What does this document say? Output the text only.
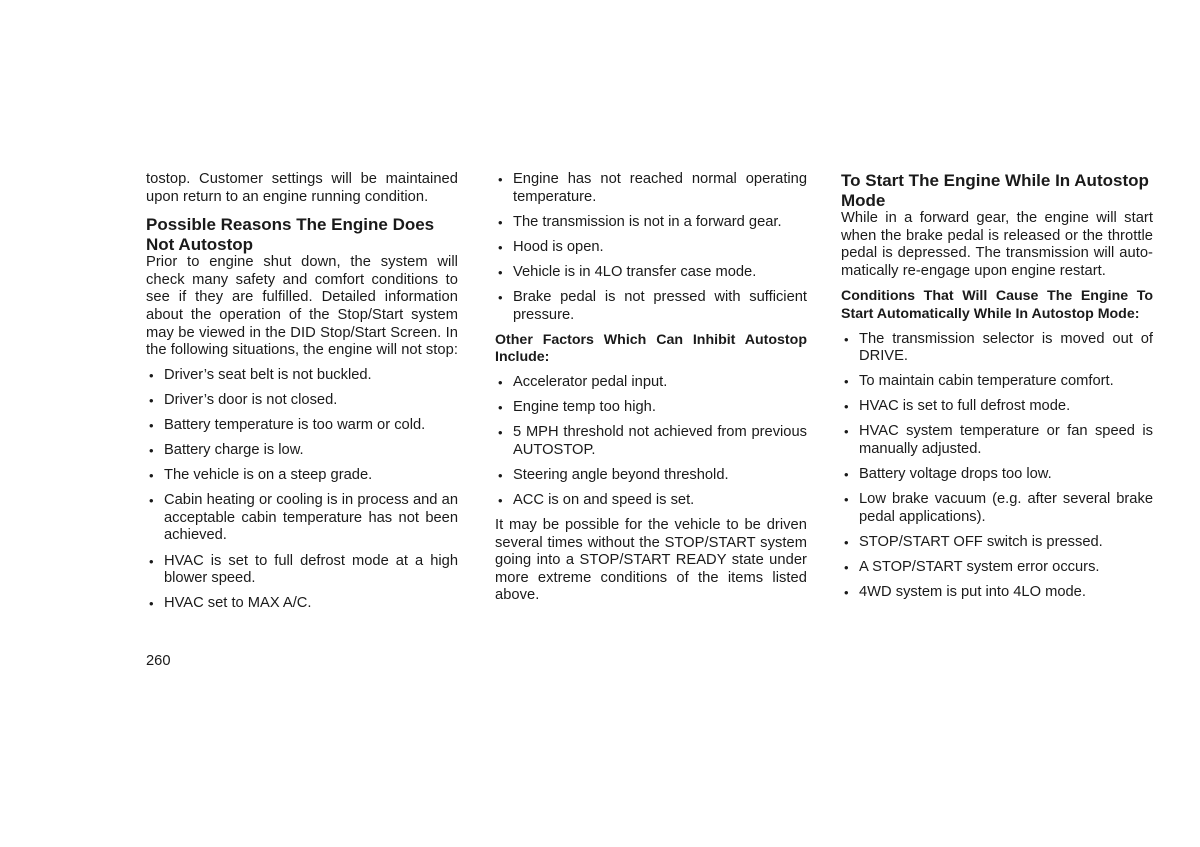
tostop. Customer settings will be maintained upon return to an engine running condition.

Possible Reasons The Engine Does Not Autostop

Prior to engine shut down, the system will check many safety and comfort conditions to see if they are fulfilled. Detailed information about the operation of the Stop/Start system may be viewed in the DID Stop/Start Screen. In the following situations, the engine will not stop:

• Driver’s seat belt is not buckled.
• Driver’s door is not closed.
• Battery temperature is too warm or cold.
• Battery charge is low.
• The vehicle is on a steep grade.
• Cabin heating or cooling is in process and an acceptable cabin temperature has not been achieved.
• HVAC is set to full defrost mode at a high blower speed.
• HVAC set to MAX A/C.
• Engine has not reached normal operating temperature.
• The transmission is not in a forward gear.
• Hood is open.
• Vehicle is in 4LO transfer case mode.
• Brake pedal is not pressed with sufficient pressure.
Other Factors Which Can Inhibit Autostop Include:
• Accelerator pedal input.
• Engine temp too high.
• 5 MPH threshold not achieved from previous AUTOSTOP.
• Steering angle beyond threshold.
• ACC is on and speed is set.

It may be possible for the vehicle to be driven several times without the STOP/START system going into a STOP/START READY state under more extreme conditions of the items listed above.

To Start The Engine While In Autostop Mode

While in a forward gear, the engine will start when the brake pedal is released or the throttle pedal is depressed. The transmission will auto-matically re-engage upon engine restart.

Conditions That Will Cause The Engine To Start Automatically While In Autostop Mode:
• The transmission selector is moved out of DRIVE.
• To maintain cabin temperature comfort.
• HVAC is set to full defrost mode.
• HVAC system temperature or fan speed is manually adjusted.
• Battery voltage drops too low.
• Low brake vacuum (e.g. after several brake pedal applications).
• STOP/START OFF switch is pressed.
• A STOP/START system error occurs.
• 4WD system is put into 4LO mode.
260
